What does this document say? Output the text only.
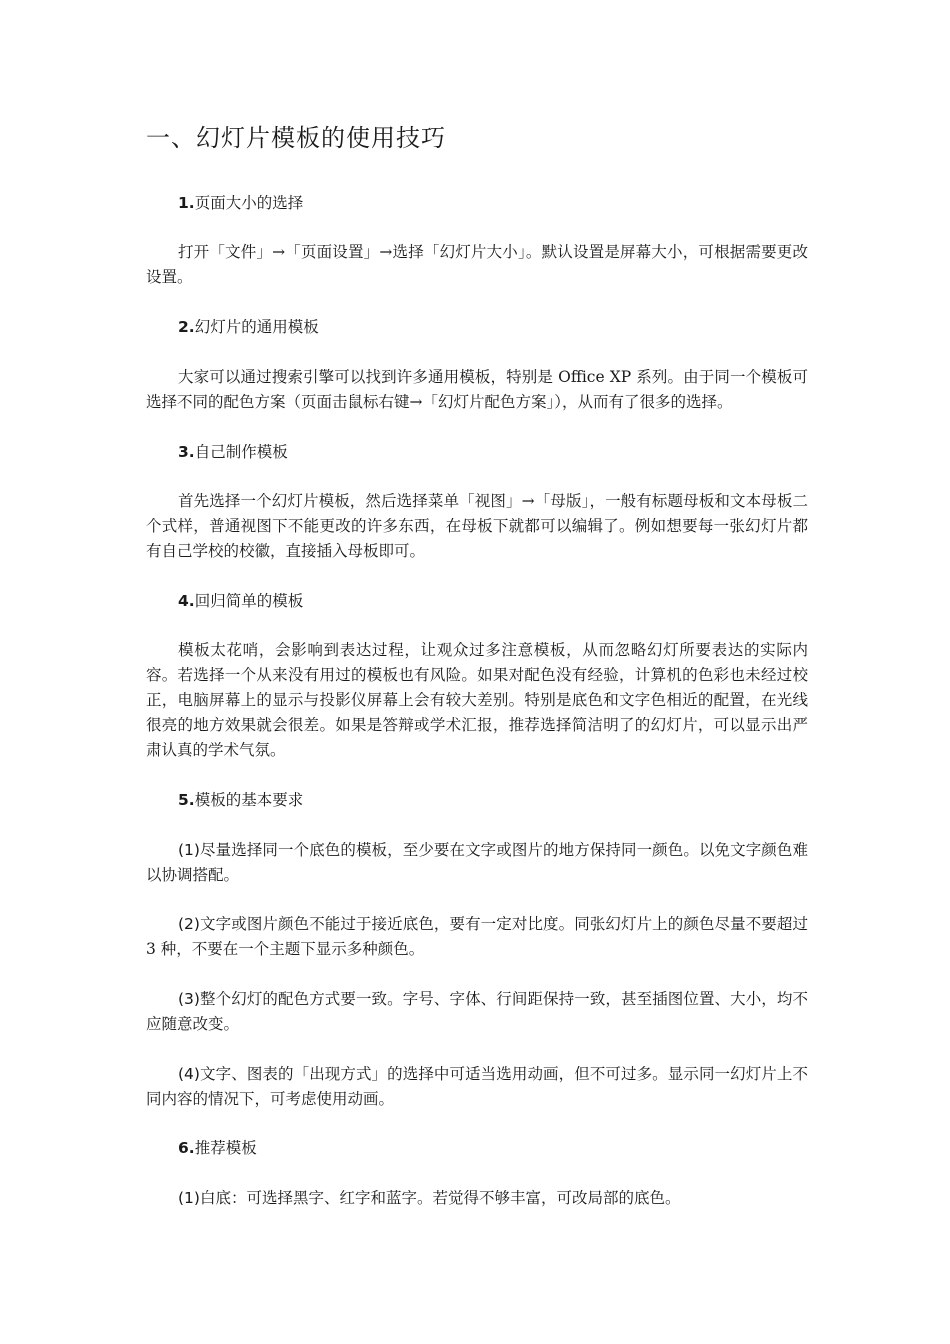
一、幻灯片模板的使用技巧
1.页面大小的选择

打开「文件」→「页面设置」→选择「幻灯片大小」。默认设置是屏幕大小，可根据需要更改设置。

2.幻灯片的通用模板

大家可以通过搜索引擎可以找到许多通用模板，特别是 Office XP 系列。由于同一个模板可选择不同的配色方案（页面击鼠标右键→「幻灯片配色方案」），从而有了很多的选择。

3.自己制作模板

首先选择一个幻灯片模板，然后选择菜单「视图」→「母版」，一般有标题母板和文本母板二个式样，普通视图下不能更改的许多东西，在母板下就都可以编辑了。例如想要每一张幻灯片都有自己学校的校徽，直接插入母板即可。

4.回归简单的模板

模板太花哨，会影响到表达过程，让观众过多注意模板，从而忽略幻灯所要表达的实际内容。若选择一个从来没有用过的模板也有风险。如果对配色没有经验，计算机的色彩也未经过校正，电脑屏幕上的显示与投影仪屏幕上会有较大差别。特别是底色和文字色相近的配置，在光线很亮的地方效果就会很差。如果是答辩或学术汇报，推荐选择简洁明了的幻灯片，可以显示出严肃认真的学术气氛。

5.模板的基本要求

(1)尽量选择同一个底色的模板，至少要在文字或图片的地方保持同一颜色。以免文字颜色难以协调搭配。

(2)文字或图片颜色不能过于接近底色，要有一定对比度。同张幻灯片上的颜色尽量不要超过 3 种，不要在一个主题下显示多种颜色。

(3)整个幻灯的配色方式要一致。字号、字体、行间距保持一致，甚至插图位置、大小，均不应随意改变。

(4)文字、图表的「出现方式」的选择中可适当选用动画，但不可过多。显示同一幻灯片上不同内容的情况下，可考虑使用动画。

6.推荐模板

(1)白底：可选择黑字、红字和蓝字。若觉得不够丰富，可改局部的底色。
